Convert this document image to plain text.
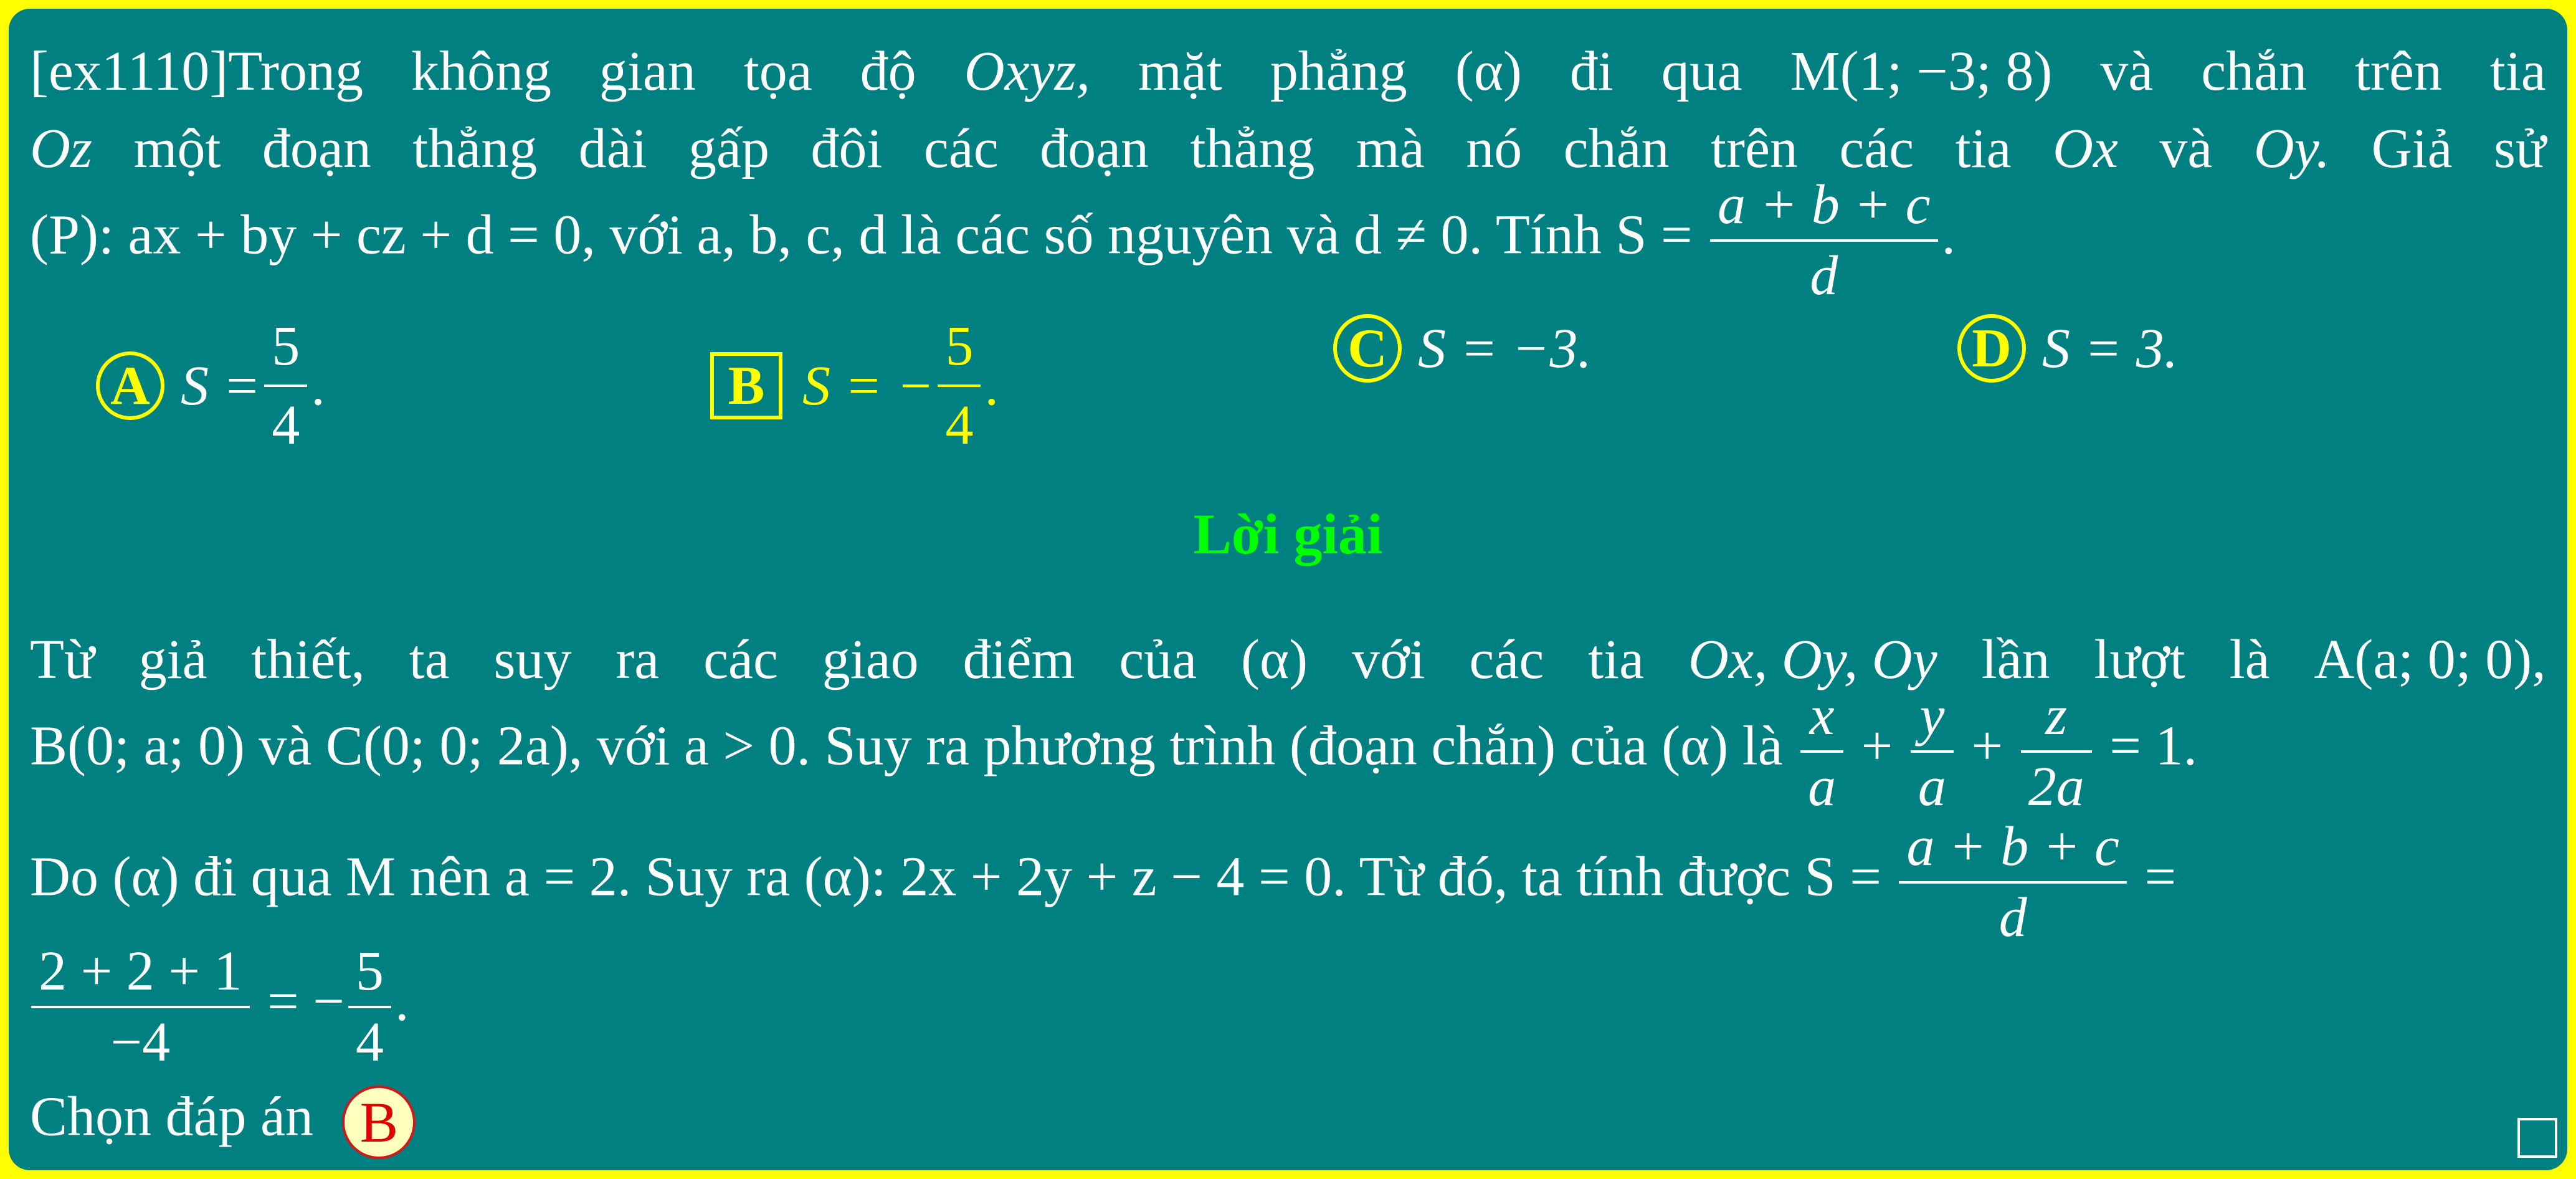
[ex1110]Trong không gian tọa độ Oxyz, mặt phẳng (α) đi qua M(1; −3; 8) và chắn trên tia
Oz một đoạn thẳng dài gấp đôi các đoạn thẳng mà nó chắn trên các tia Ox và Oy. Giả sử
(P): ax + by + cz + d = 0, với a, b, c, d là các số nguyên và d ≠ 0. Tính $S = \frac{a + b + c}{d}$ .
A $S = \frac{5}{4}$ .	B S = − $\frac{5}{4}$ .
C S = −3.	D S = 3.
Lời giải
Từ giả thiết, ta suy ra các giao điểm của (α) với các tia Ox, Oy, Oy lần lượt là A(a; 0; 0),
B(0; a; 0) và C(0; 0; 2a), với a > 0. Suy ra phương trình (đoạn chắn) của (α) là $\frac{x}{a} + \frac{y}{a} + \frac{z}{2a} = 1$.
Do (α) đi qua M nên a = 2. Suy ra (α): 2x + 2y + z − 4 = 0. Từ đó, ta tính được $S = \frac{a + b + c}{d}$ =
$\frac{2 + 2 + 1}{-4}$ = − $\frac{5}{4}$ .
Chọn đáp án B
